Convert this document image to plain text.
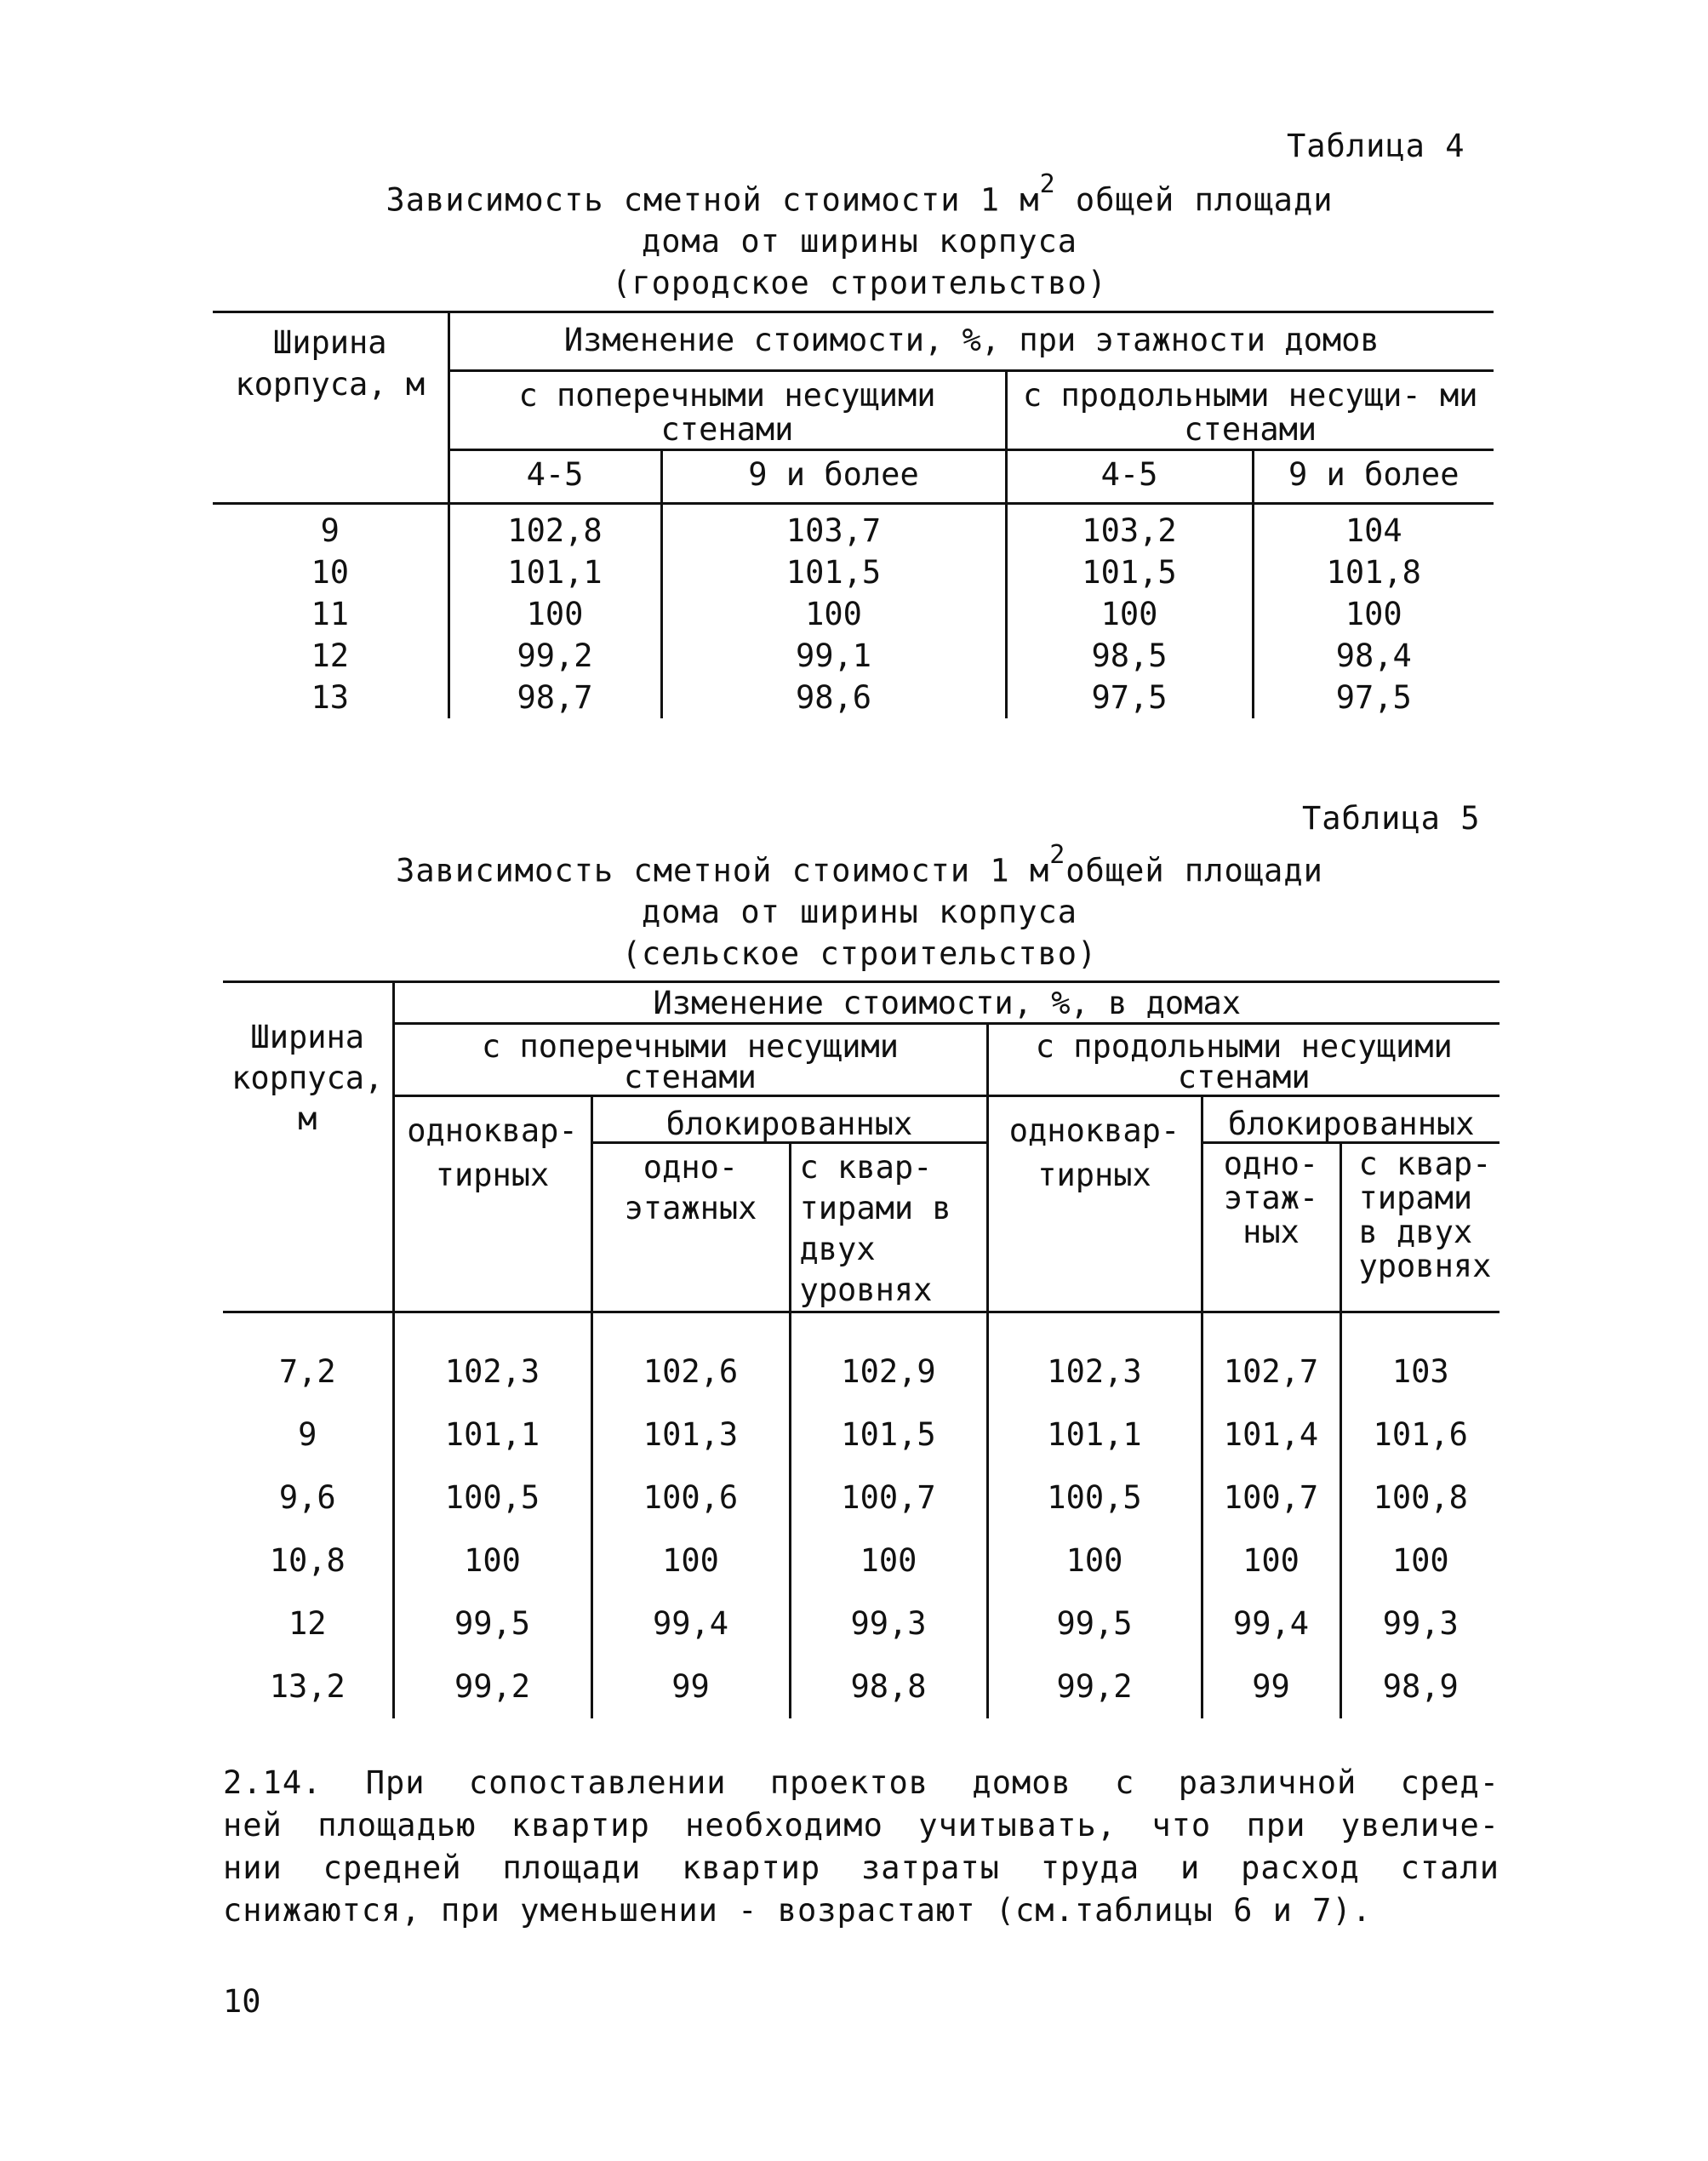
Таблица 4
Зависимость сметной стоимости 1 $м^2$ общей площади
дома от ширины корпуса
(городское строительство)
Ширина корпуса, м	Изменение стоимости, %, при этажности домов			
	с поперечными несущими стенами		с продольными несущи- ми стенами	
	4-5	9 и более	4-5	9 и более
9	102,8	103,7	103,2	104
10	101,1	101,5	101,5	101,8
11	100	100	100	100
12	99,2	99,1	98,5	98,4
13	98,7	98,6	97,5	97,5
Таблица 5
Зависимость сметной стоимости 1 $м^2общей$ площади
дома от ширины корпуса
(сельское строительство)
Ширина корпуса, м	Изменение стоимости, %, в домах					
	с поперечными несущими стенами			с продольными несущими стенами		
	одноквар- тирных	блокированных		одноквар- тирных	блокированных	
		одно- этажных	с квар- тирами в двух уровнях		одно- этаж- ных	с квар- тирами в двух уровнях
7,2	102,3	102,6	102,9	102,3	102,7	103
9	101,1	101,3	101,5	101,1	101,4	101,6
9,6	100,5	100,6	100,7	100,5	100,7	100,8
10,8	100	100	100	100	100	100
12	99,5	99,4	99,3	99,5	99,4	99,3
13,2	99,2	99	98,8	99,2	99	98,9
2.14. При сопоставлении проектов домов с различной сред-
ней площадью квартир необходимо учитывать, что при увеличе-
нии средней площади квартир затраты труда и расход стали
снижаются, при уменьшении - возрастают (см.таблицы 6 и 7).
10
